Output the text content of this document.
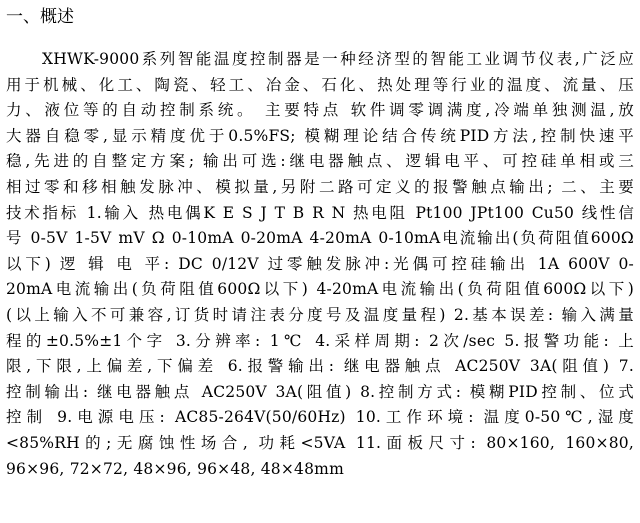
一、概述
XHWK-9000系列智能温度控制器是一种经济型的智能工业调节仪表,广泛应
用于机械、化工、陶瓷、轻工、冶金、石化、热处理等行业的温度、流量、压
力、液位等的自动控制系统。 主要特点 软件调零调满度,冷端单独测温,放
大器自稳零,显示精度优于0.5%FS; 模糊理论结合传统PID方法,控制快速平
稳,先进的自整定方案; 输出可选:继电器触点、逻辑电平、可控硅单相或三
相过零和移相触发脉冲、模拟量,另附二路可定义的报警触点输出; 二、主要
技术指标 1.输入 热电偶K E S J T B R N 热电阻 Pt100 JPt100 Cu50 线性信
号 0-5V 1-5V mV Ω 0-10mA 0-20mA 4-20mA 0-10mA电流输出(负荷阻值600Ω
以下) 逻 辑 电 平: DC 0/12V 过零触发脉冲:光偶可控硅输出 1A 600V 0-
20mA电流输出(负荷阻值600Ω以下) 4-20mA电流输出(负荷阻值600Ω以下)
(以上输入不可兼容,订货时请注表分度号及温度量程) 2.基本误差: 输入满量
程的±0.5%±1个字 3.分辨率: 1℃ 4.采样周期: 2次/sec 5.报警功能: 上
限,下限,上偏差,下偏差 6.报警输出: 继电器触点 AC250V 3A(阻值) 7.
控制输出: 继电器触点 AC250V 3A(阻值) 8.控制方式: 模糊PID控制、位式
控制 9.电源电压: AC85-264V(50/60Hz) 10.工作环境: 温度0-50℃,湿度
<85%RH的;无腐蚀性场合, 功耗<5VA 11.面板尺寸: 80×160, 160×80,
96×96, 72×72, 48×96, 96×48, 48×48mm
